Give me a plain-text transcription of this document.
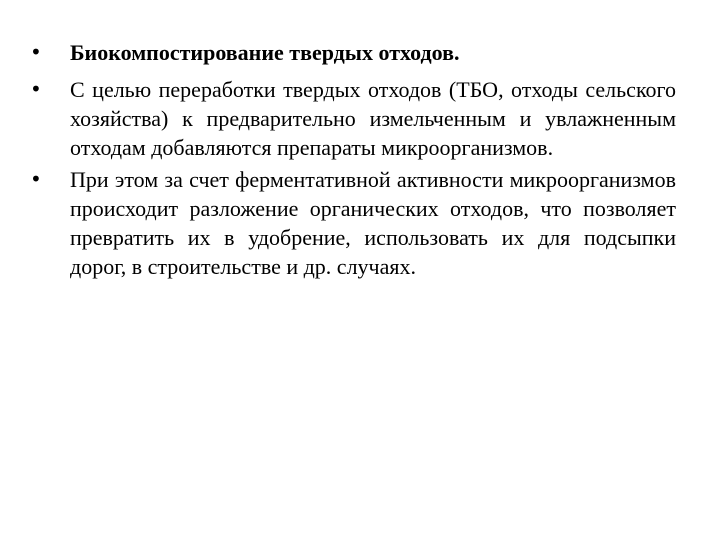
•	Биокомпостирование твердых отходов.
•	С целью переработки твердых отходов (ТБО, отходы сельского хозяйства) к предварительно измельченным и увлажненным отходам добавляются препараты микроорганизмов.
•	При этом за счет ферментативной активности микроорганизмов происходит разложение органических отходов, что позволяет превратить их в удобрение, использовать их для подсыпки дорог, в строительстве и др. случаях.
